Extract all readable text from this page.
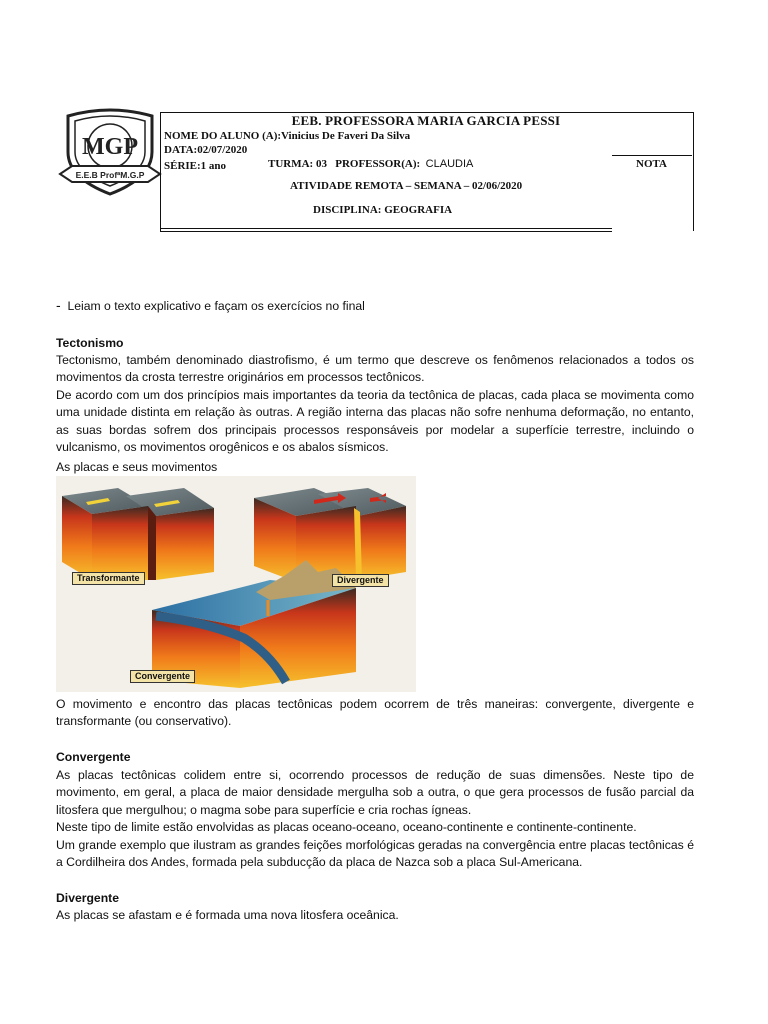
MGP
E.E.B ProfªM.G.P
EEB. PROFESSORA MARIA GARCIA PESSI
NOME DO ALUNO (A):Vinicius De Faveri Da Silva
DATA:02/07/2020
SÉRIE:1 ano	TURMA: 03 PROFESSOR(A): CLAUDIA	NOTA
ATIVIDADE REMOTA – SEMANA – 02/06/2020
DISCIPLINA: GEOGRAFIA
- Leiam o texto explicativo e façam os exercícios no final
Tectonismo
Tectonismo, também denominado diastrofismo, é um termo que descreve os fenômenos relacionados a todos os movimentos da crosta terrestre originários em processos tectônicos.
De acordo com um dos princípios mais importantes da teoria da tectônica de placas, cada placa se movimenta como uma unidade distinta em relação às outras. A região interna das placas não sofre nenhuma deformação, no entanto, as suas bordas sofrem dos principais processos responsáveis por modelar a superfície terrestre, incluindo o vulcanismo, os movimentos orogênicos e os abalos sísmicos.
As placas e seus movimentos
Transformante	Divergente
Convergente
O movimento e encontro das placas tectônicas podem ocorrem de três maneiras: convergente, divergente e transformante (ou conservativo).
Convergente
As placas tectônicas colidem entre si, ocorrendo processos de redução de suas dimensões. Neste tipo de movimento, em geral, a placa de maior densidade mergulha sob a outra, o que gera processos de fusão parcial da litosfera que mergulhou; o magma sobe para superfície e cria rochas ígneas.
Neste tipo de limite estão envolvidas as placas oceano-oceano, oceano-continente e continente-continente.
Um grande exemplo que ilustram as grandes feições morfológicas geradas na convergência entre placas tectônicas é a Cordilheira dos Andes, formada pela subducção da placa de Nazca sob a placa Sul-Americana.
Divergente
As placas se afastam e é formada uma nova litosfera oceânica.
